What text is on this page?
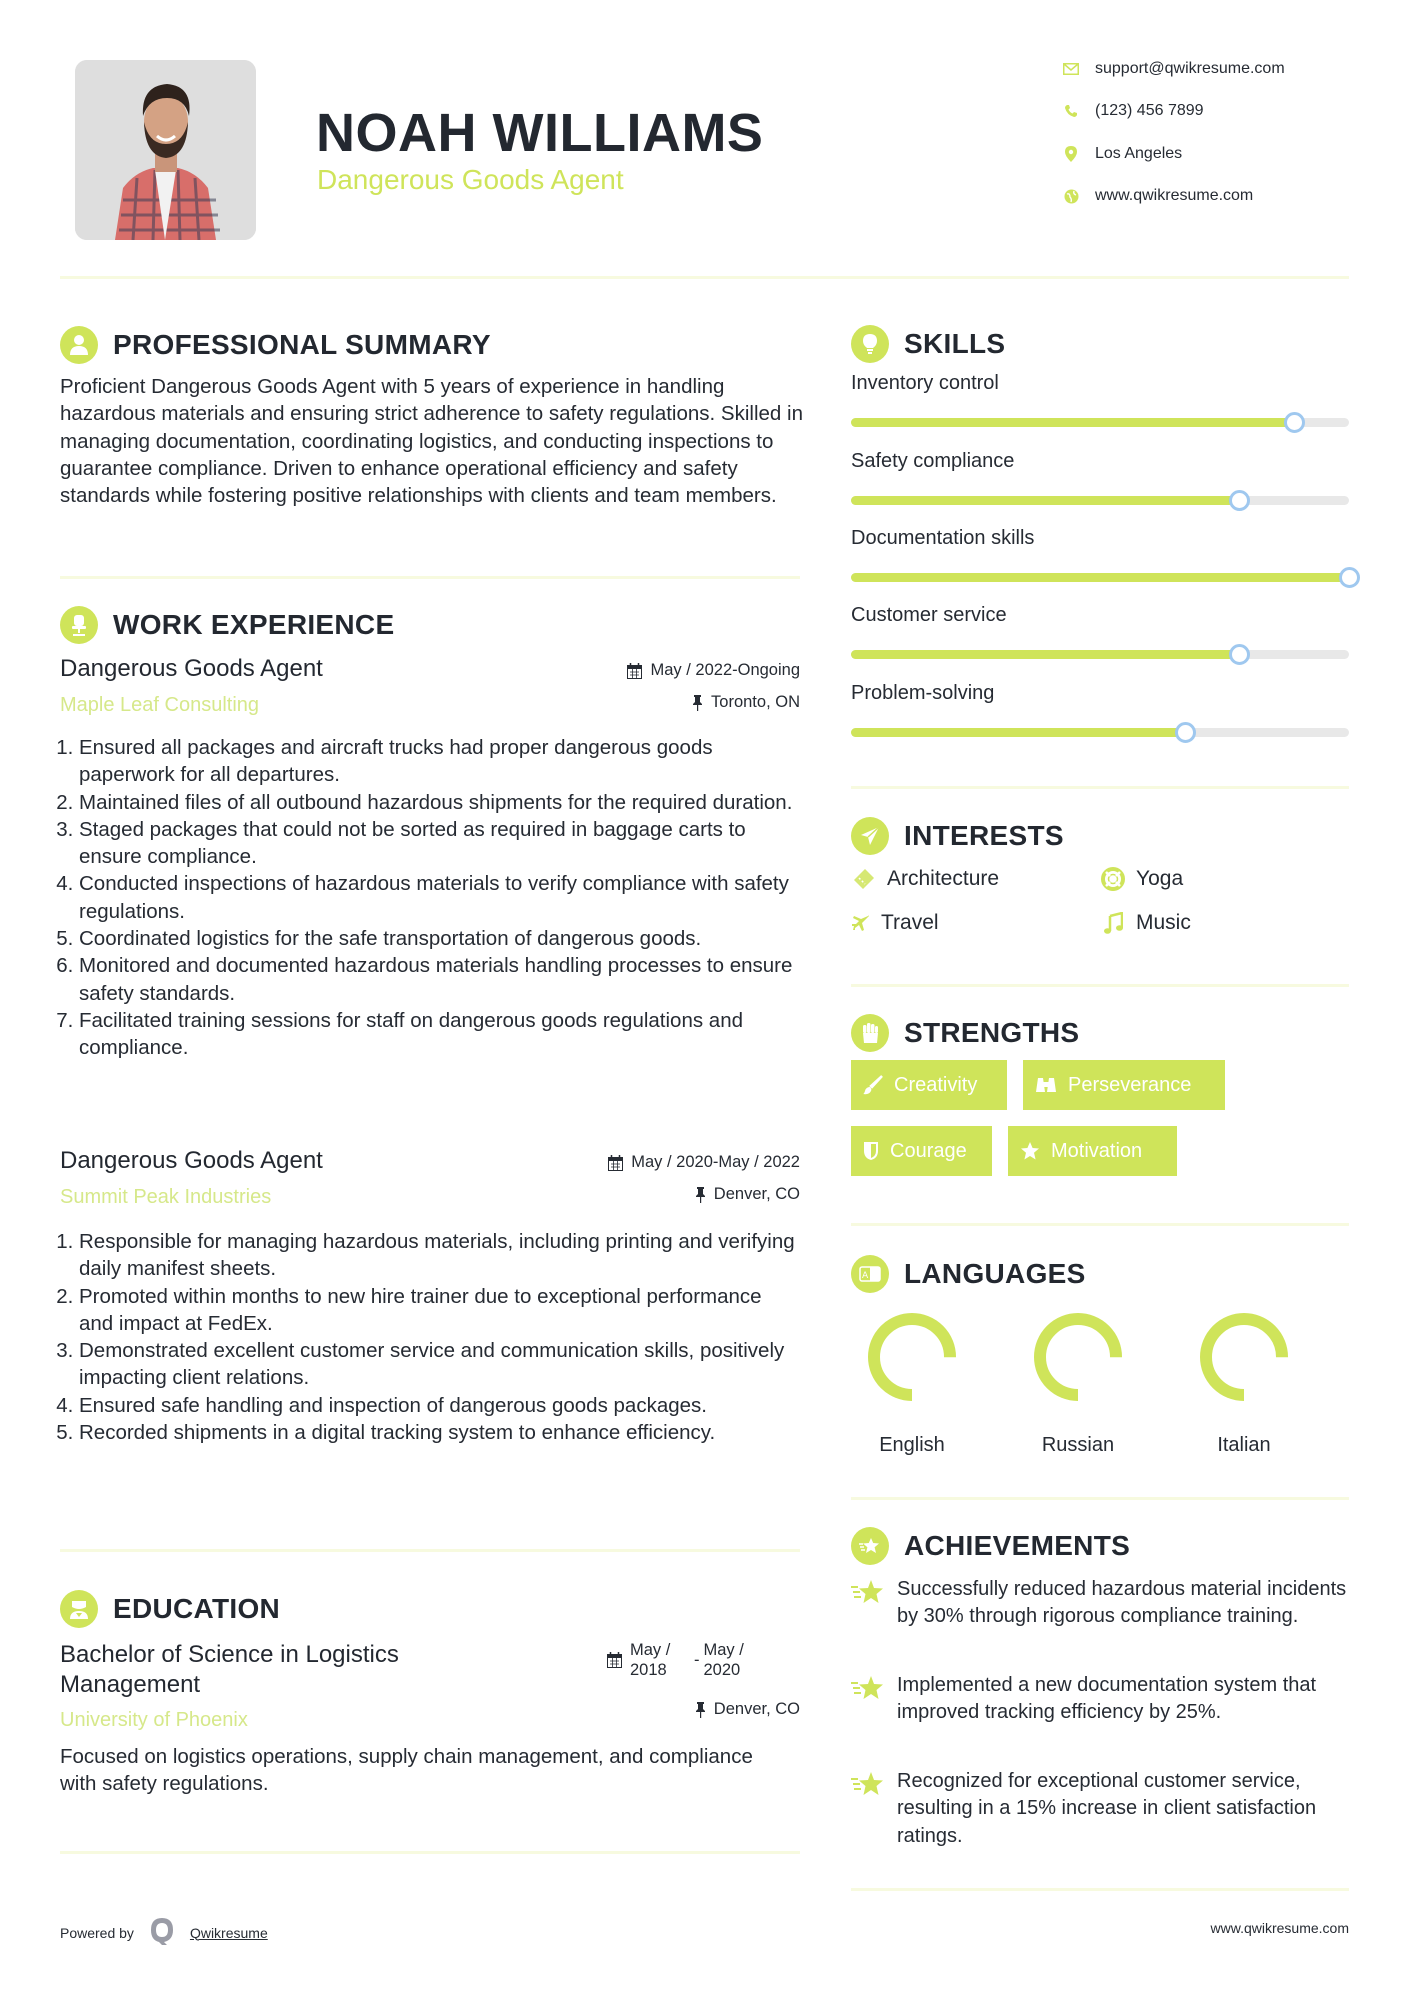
NOAH WILLIAMS
Dangerous Goods Agent
support@qwikresume.com
(123) 456 7899
Los Angeles
www.qwikresume.com
PROFESSIONAL SUMMARY
Proficient Dangerous Goods Agent with 5 years of experience in handling hazardous materials and ensuring strict adherence to safety regulations. Skilled in managing documentation, coordinating logistics, and conducting inspections to guarantee compliance. Driven to enhance operational efficiency and safety standards while fostering positive relationships with clients and team members.
WORK EXPERIENCE
Dangerous Goods Agent	May / 2022-Ongoing
Maple Leaf Consulting	Toronto, ON
1. Ensured all packages and aircraft trucks had proper dangerous goods paperwork for all departures.
2. Maintained files of all outbound hazardous shipments for the required duration.
3. Staged packages that could not be sorted as required in baggage carts to ensure compliance.
4. Conducted inspections of hazardous materials to verify compliance with safety regulations.
5. Coordinated logistics for the safe transportation of dangerous goods.
6. Monitored and documented hazardous materials handling processes to ensure safety standards.
7. Facilitated training sessions for staff on dangerous goods regulations and compliance.
Dangerous Goods Agent	May / 2020-May / 2022
Summit Peak Industries	Denver, CO
1. Responsible for managing hazardous materials, including printing and verifying daily manifest sheets.
2. Promoted within months to new hire trainer due to exceptional performance and impact at FedEx.
3. Demonstrated excellent customer service and communication skills, positively impacting client relations.
4. Ensured safe handling and inspection of dangerous goods packages.
5. Recorded shipments in a digital tracking system to enhance efficiency.
EDUCATION
Bachelor of Science in Logistics Management
May / 2018
-
May / 2020
University of Phoenix	Denver, CO
Focused on logistics operations, supply chain management, and compliance with safety regulations.
SKILLS
Inventory control
Safety compliance
Documentation skills
Customer service
Problem-solving
INTERESTS
Architecture	Yoga
Travel	Music
STRENGTHS
Creativity	Perseverance
Courage	Motivation
A LANGUAGES
English	Russian	Italian
ACHIEVEMENTS
Successfully reduced hazardous material incidents by 30% through rigorous compliance training.
Implemented a new documentation system that improved tracking efficiency by 25%.
Recognized for exceptional customer service, resulting in a 15% increase in client satisfaction ratings.
Powered by	Qwikresume	www.qwikresume.com
